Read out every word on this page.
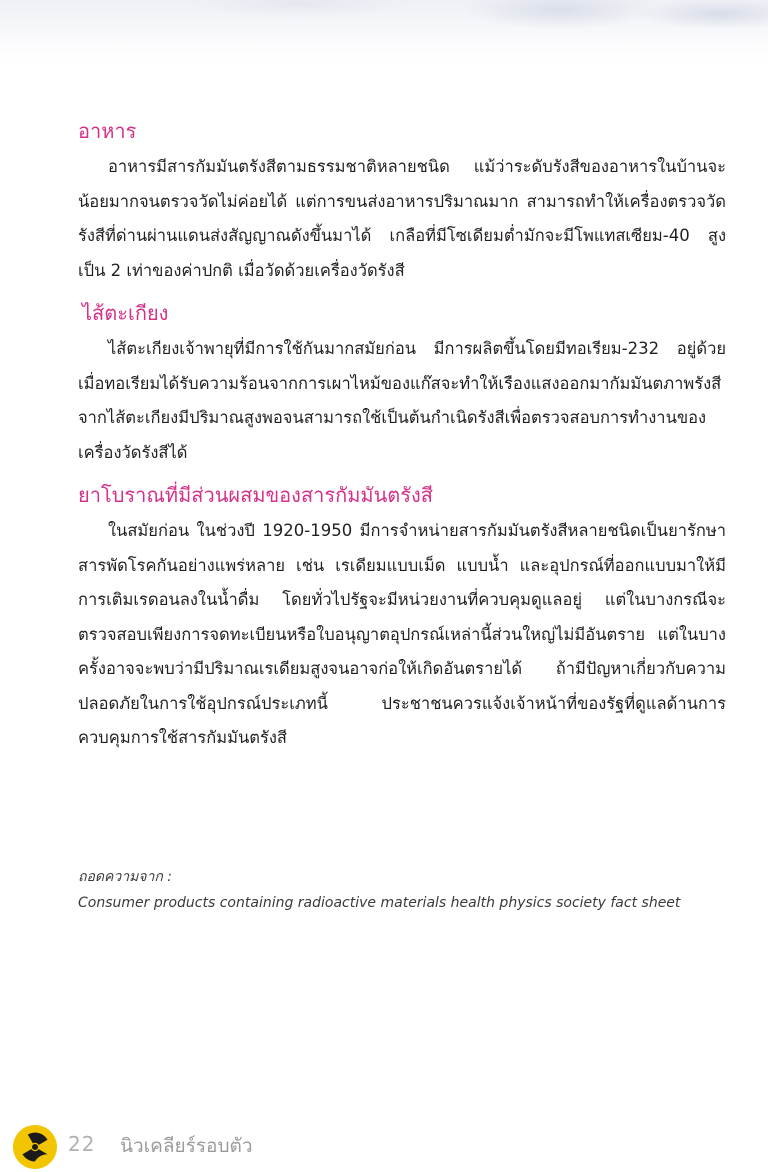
อาหาร

อาหารมีสารกัมมันตรังสีตามธรรมชาติหลายชนิด แม้ว่าระดับรังสีของอาหารในบ้านจะน้อยมากจนตรวจวัดไม่ค่อยได้ แต่การขนส่งอาหารปริมาณมาก สามารถทำให้เครื่องตรวจวัดรังสีที่ด่านผ่านแดนส่งสัญญาณดังขึ้นมาได้ เกลือที่มีโซเดียมต่ำมักจะมีโพแทสเซียม-40 สูงเป็น 2 เท่าของค่าปกติ เมื่อวัดด้วยเครื่องวัดรังสี

ไส้ตะเกียง

ไส้ตะเกียงเจ้าพายุที่มีการใช้กันมากสมัยก่อน มีการผลิตขึ้นโดยมีทอเรียม-232 อยู่ด้วย เมื่อทอเรียมได้รับความร้อนจากการเผาไหม้ของแก๊สจะทำให้เรืองแสงออกมากัมมันตภาพรังสีจากไส้ตะเกียงมีปริมาณสูงพอจนสามารถใช้เป็นต้นกำเนิดรังสีเพื่อตรวจสอบการทำงานของเครื่องวัดรังสีได้

ยาโบราณที่มีส่วนผสมของสารกัมมันตรังสี

ในสมัยก่อน ในช่วงปี 1920-1950 มีการจำหน่ายสารกัมมันตรังสีหลายชนิดเป็นยารักษาสารพัดโรคกันอย่างแพร่หลาย เช่น เรเดียมแบบเม็ด แบบน้ำ และอุปกรณ์ที่ออกแบบมาให้มีการเติมเรดอนลงในน้ำดื่ม โดยทั่วไปรัฐจะมีหน่วยงานที่ควบคุมดูแลอยู่ แต่ในบางกรณีจะตรวจสอบเพียงการจดทะเบียนหรือใบอนุญาตอุปกรณ์เหล่านี้ส่วนใหญ่ไม่มีอันตราย แต่ในบางครั้งอาจจะพบว่ามีปริมาณเรเดียมสูงจนอาจก่อให้เกิดอันตรายได้ ถ้ามีปัญหาเกี่ยวกับความปลอดภัยในการใช้อุปกรณ์ประเภทนี้ ประชาชนควรแจ้งเจ้าหน้าที่ของรัฐที่ดูแลด้านการควบคุมการใช้สารกัมมันตรังสี

ถอดความจาก :
Consumer products containing radioactive materials health physics society fact sheet
22 นิวเคลียร์รอบตัว
